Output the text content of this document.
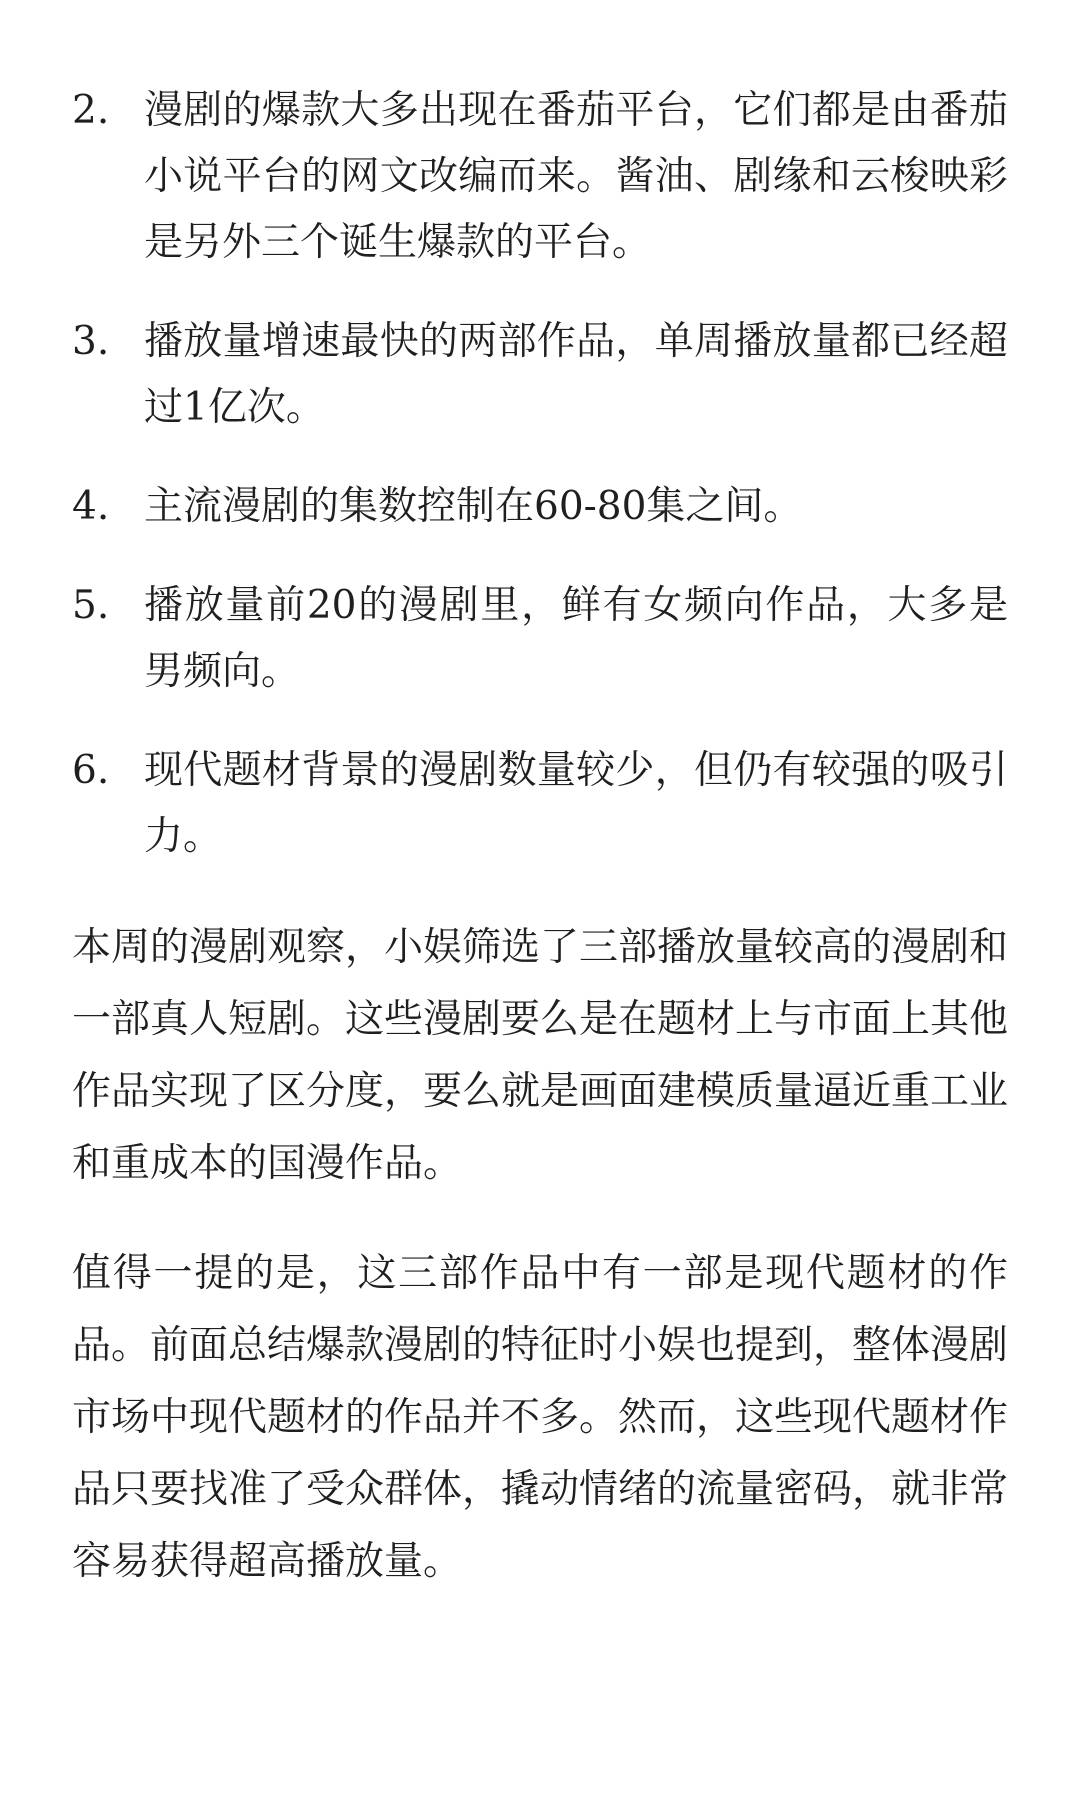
2. 漫剧的爆款大多出现在番茄平台，它们都是由番茄小说平台的网文改编而来。酱油、剧缘和云梭映彩是另外三个诞生爆款的平台。
3. 播放量增速最快的两部作品，单周播放量都已经超过1亿次。
4. 主流漫剧的集数控制在60-80集之间。
5. 播放量前20的漫剧里，鲜有女频向作品，大多是男频向。
6. 现代题材背景的漫剧数量较少，但仍有较强的吸引力。

本周的漫剧观察，小娱筛选了三部播放量较高的漫剧和一部真人短剧。这些漫剧要么是在题材上与市面上其他作品实现了区分度，要么就是画面建模质量逼近重工业和重成本的国漫作品。

值得一提的是，这三部作品中有一部是现代题材的作品。前面总结爆款漫剧的特征时小娱也提到，整体漫剧市场中现代题材的作品并不多。然而，这些现代题材作品只要找准了受众群体，撬动情绪的流量密码，就非常容易获得超高播放量。
